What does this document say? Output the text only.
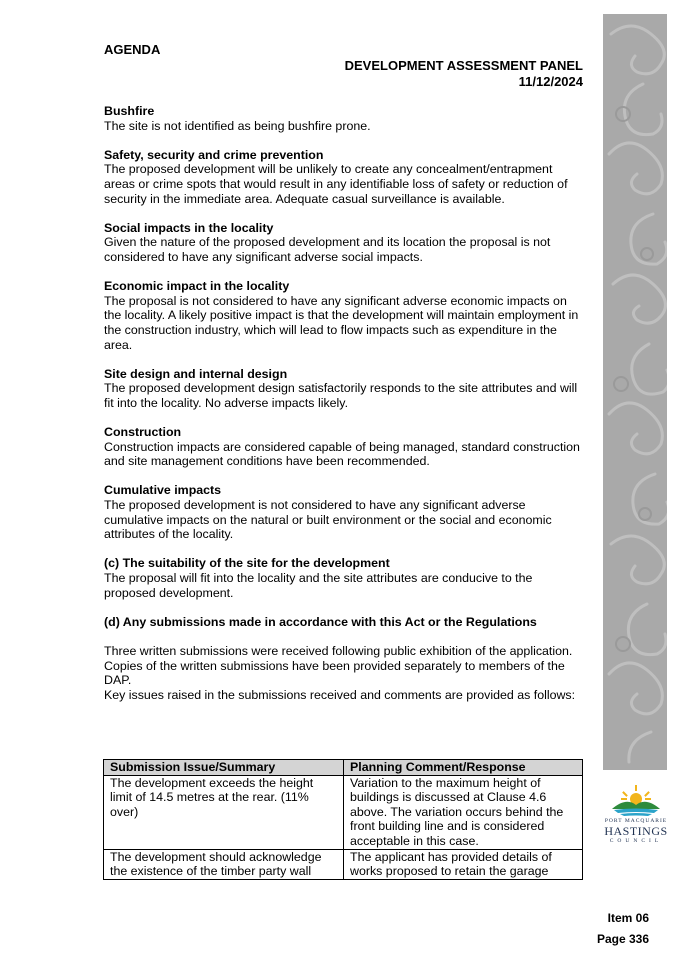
AGENDA
DEVELOPMENT ASSESSMENT PANEL
11/12/2024

Bushfire

The site is not identified as being bushfire prone.

Safety, security and crime prevention

The proposed development will be unlikely to create any concealment/entrapment areas or crime spots that would result in any identifiable loss of safety or reduction of security in the immediate area. Adequate casual surveillance is available.

Social impacts in the locality

Given the nature of the proposed development and its location the proposal is not considered to have any significant adverse social impacts.

Economic impact in the locality

The proposal is not considered to have any significant adverse economic impacts on the locality. A likely positive impact is that the development will maintain employment in the construction industry, which will lead to flow impacts such as expenditure in the area.

Site design and internal design

The proposed development design satisfactorily responds to the site attributes and will fit into the locality. No adverse impacts likely.

Construction

Construction impacts are considered capable of being managed, standard construction and site management conditions have been recommended.

Cumulative impacts

The proposed development is not considered to have any significant adverse cumulative impacts on the natural or built environment or the social and economic attributes of the locality.

(c) The suitability of the site for the development

The proposal will fit into the locality and the site attributes are conducive to the proposed development.

(d) Any submissions made in accordance with this Act or the Regulations

Three written submissions were received following public exhibition of the application. Copies of the written submissions have been provided separately to members of the DAP.

Key issues raised in the submissions received and comments are provided as follows:

Submission Issue/Summary	Planning Comment/Response
The development exceeds the height limit of 14.5 metres at the rear. (11% over)	Variation to the maximum height of buildings is discussed at Clause 4.6 above. The variation occurs behind the front building line and is considered acceptable in this case.
The development should acknowledge the existence of the timber party wall	The applicant has provided details of works proposed to retain the garage
PORT MACQUARIE
HASTINGS
COUNCIL
Item 06
Page 336
